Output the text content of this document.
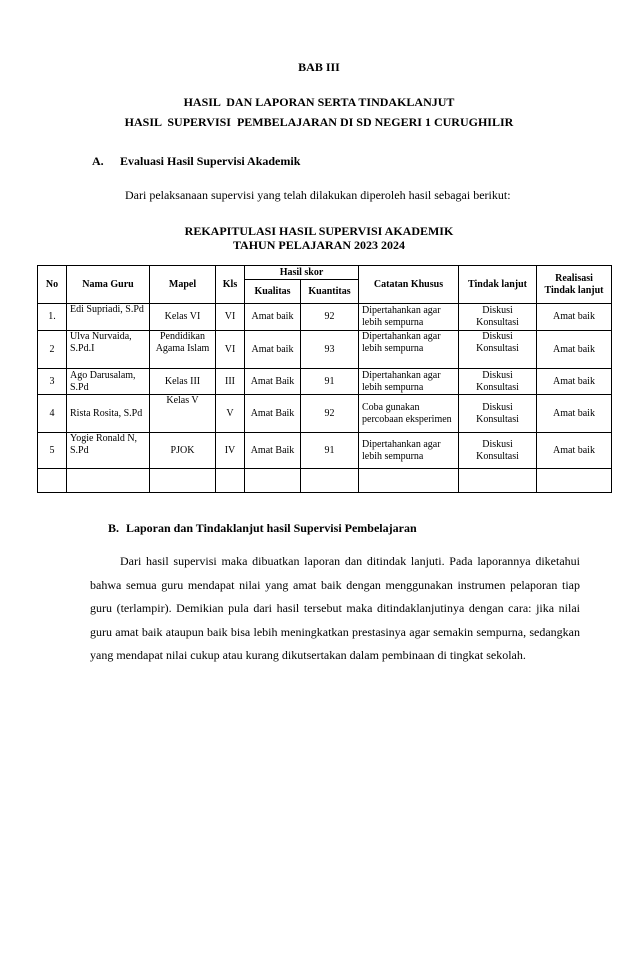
BAB III
HASIL  DAN LAPORAN SERTA TINDAKLANJUT
HASIL  SUPERVISI  PEMBELAJARAN DI SD NEGERI 1 CURUGHILIR
A. Evaluasi Hasil Supervisi Akademik
Dari pelaksanaan supervisi yang telah dilakukan diperoleh hasil sebagai berikut:
REKAPITULASI HASIL SUPERVISI AKADEMIK
TAHUN PELAJARAN 2023 2024
No	Nama Guru	Mapel	Kls	Hasil skor		Catatan Khusus	Tindak lanjut	Realisasi Tindak lanjut
				Kualitas	Kuantitas			
1.	Edi Supriadi, S.Pd	Kelas VI	VI	Amat baik	92	Dipertahankan agar lebih sempurna	Diskusi Konsultasi	Amat baik
2	Ulva Nurvaida, S.Pd.I	Pendidikan Agama Islam	VI	Amat baik	93	Dipertahankan agar lebih sempurna	Diskusi Konsultasi	Amat baik
3	Ago Darusalam, S.Pd	Kelas III	III	Amat Baik	91	Dipertahankan agar lebih sempurna	Diskusi Konsultasi	Amat baik
4	Rista Rosita, S.Pd	Kelas V	V	Amat Baik	92	Coba gunakan percobaan eksperimen	Diskusi Konsultasi	Amat baik
5	Yogie Ronald N, S.Pd	PJOK	IV	Amat Baik	91	Dipertahankan agar lebih sempurna	Diskusi Konsultasi	Amat baik

B. Laporan dan Tindaklanjut hasil Supervisi Pembelajaran
Dari hasil supervisi maka dibuatkan laporan dan ditindak lanjuti. Pada laporannya diketahui bahwa semua guru mendapat nilai yang amat baik dengan menggunakan instrumen pelaporan tiap guru (terlampir). Demikian pula dari hasil tersebut maka ditindaklanjutinya dengan cara: jika nilai guru amat baik ataupun baik bisa lebih meningkatkan prestasinya agar semakin sempurna, sedangkan yang mendapat nilai cukup atau kurang dikutsertakan dalam pembinaan di tingkat sekolah.
